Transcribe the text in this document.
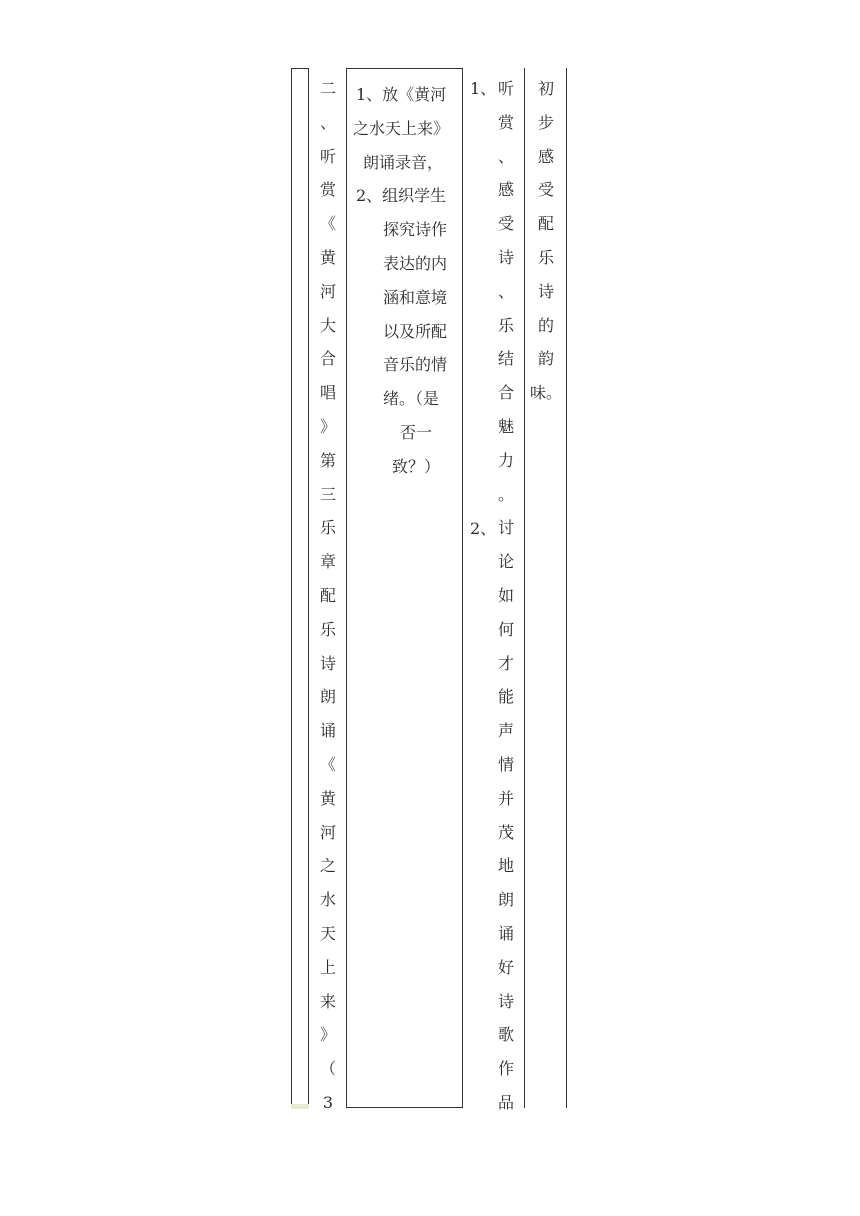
二
、
听
赏
《
黄
河
大
合
唱
》
第
三
乐
章
配
乐
诗
朗
诵
《
黄
河
之
水
天
上
来
》
（
3
1、放《黄河
之水天上来》
朗诵录音，
2、组织学生
探究诗作
表达的内
涵和意境
以及所配
音乐的情
绪。（是
否一
致？）
1、
2、
听
赏
、
感
受
诗
、
乐
结
合
魅
力
。
讨
论
如
何
才
能
声
情
并
茂
地
朗
诵
好
诗
歌
作
品
初
步
感
受
配
乐
诗
的
韵
味。
